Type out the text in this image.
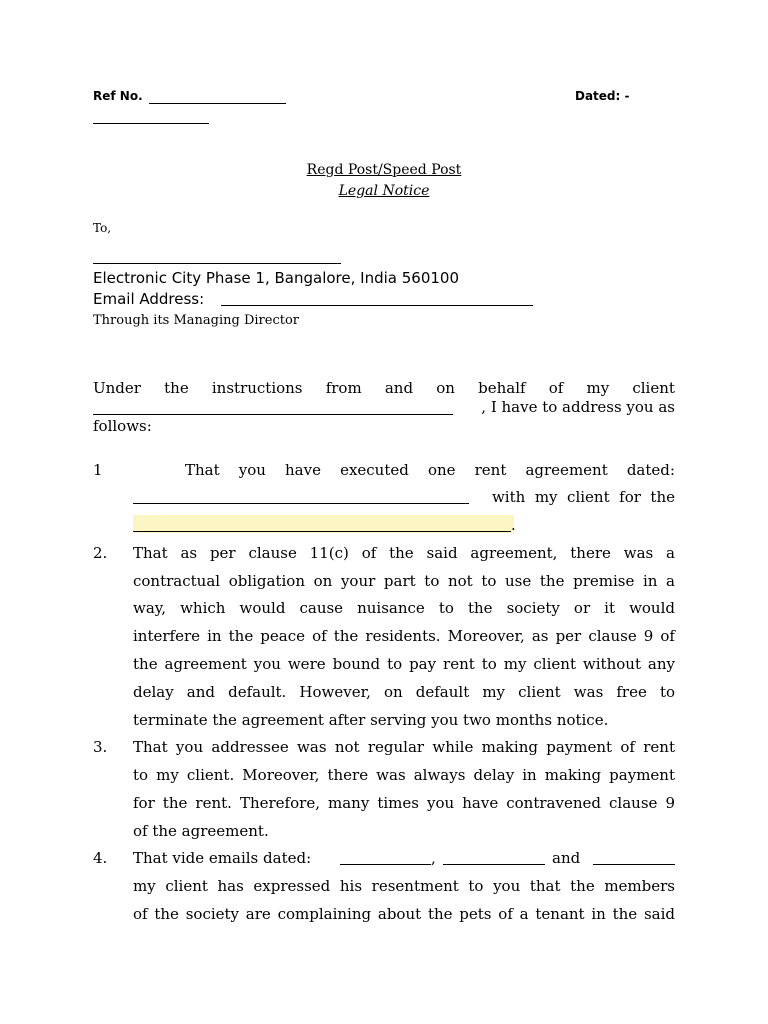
Ref No.	Dated: -
Regd Post/Speed Post
Legal Notice
To,
Electronic City Phase 1, Bangalore, India 560100
Email Address:
Through its Managing Director
Under the instructions from and on behalf of my client
, I have to address you as
follows:
1	That you have executed one rent agreement dated:
with  my  client  for  the
.
2. That as per clause 11(c) of the said agreement, there was a
contractual obligation on your part to not to use the premise in a
way, which would cause nuisance to the society or it would
interfere in the peace of the residents. Moreover, as per clause 9 of
the agreement you were bound to pay rent to my client without any
delay and default. However, on default my client was free to
terminate the agreement after serving you two months notice.
3. That you addressee was not regular while making payment of rent
to my client. Moreover, there was always delay in making payment
for the rent. Therefore, many times you have contravened clause 9
of the agreement.
4. That vide emails dated:	,	and
my client has expressed his resentment to you that the members
of the society are complaining about the pets of a tenant in the said
